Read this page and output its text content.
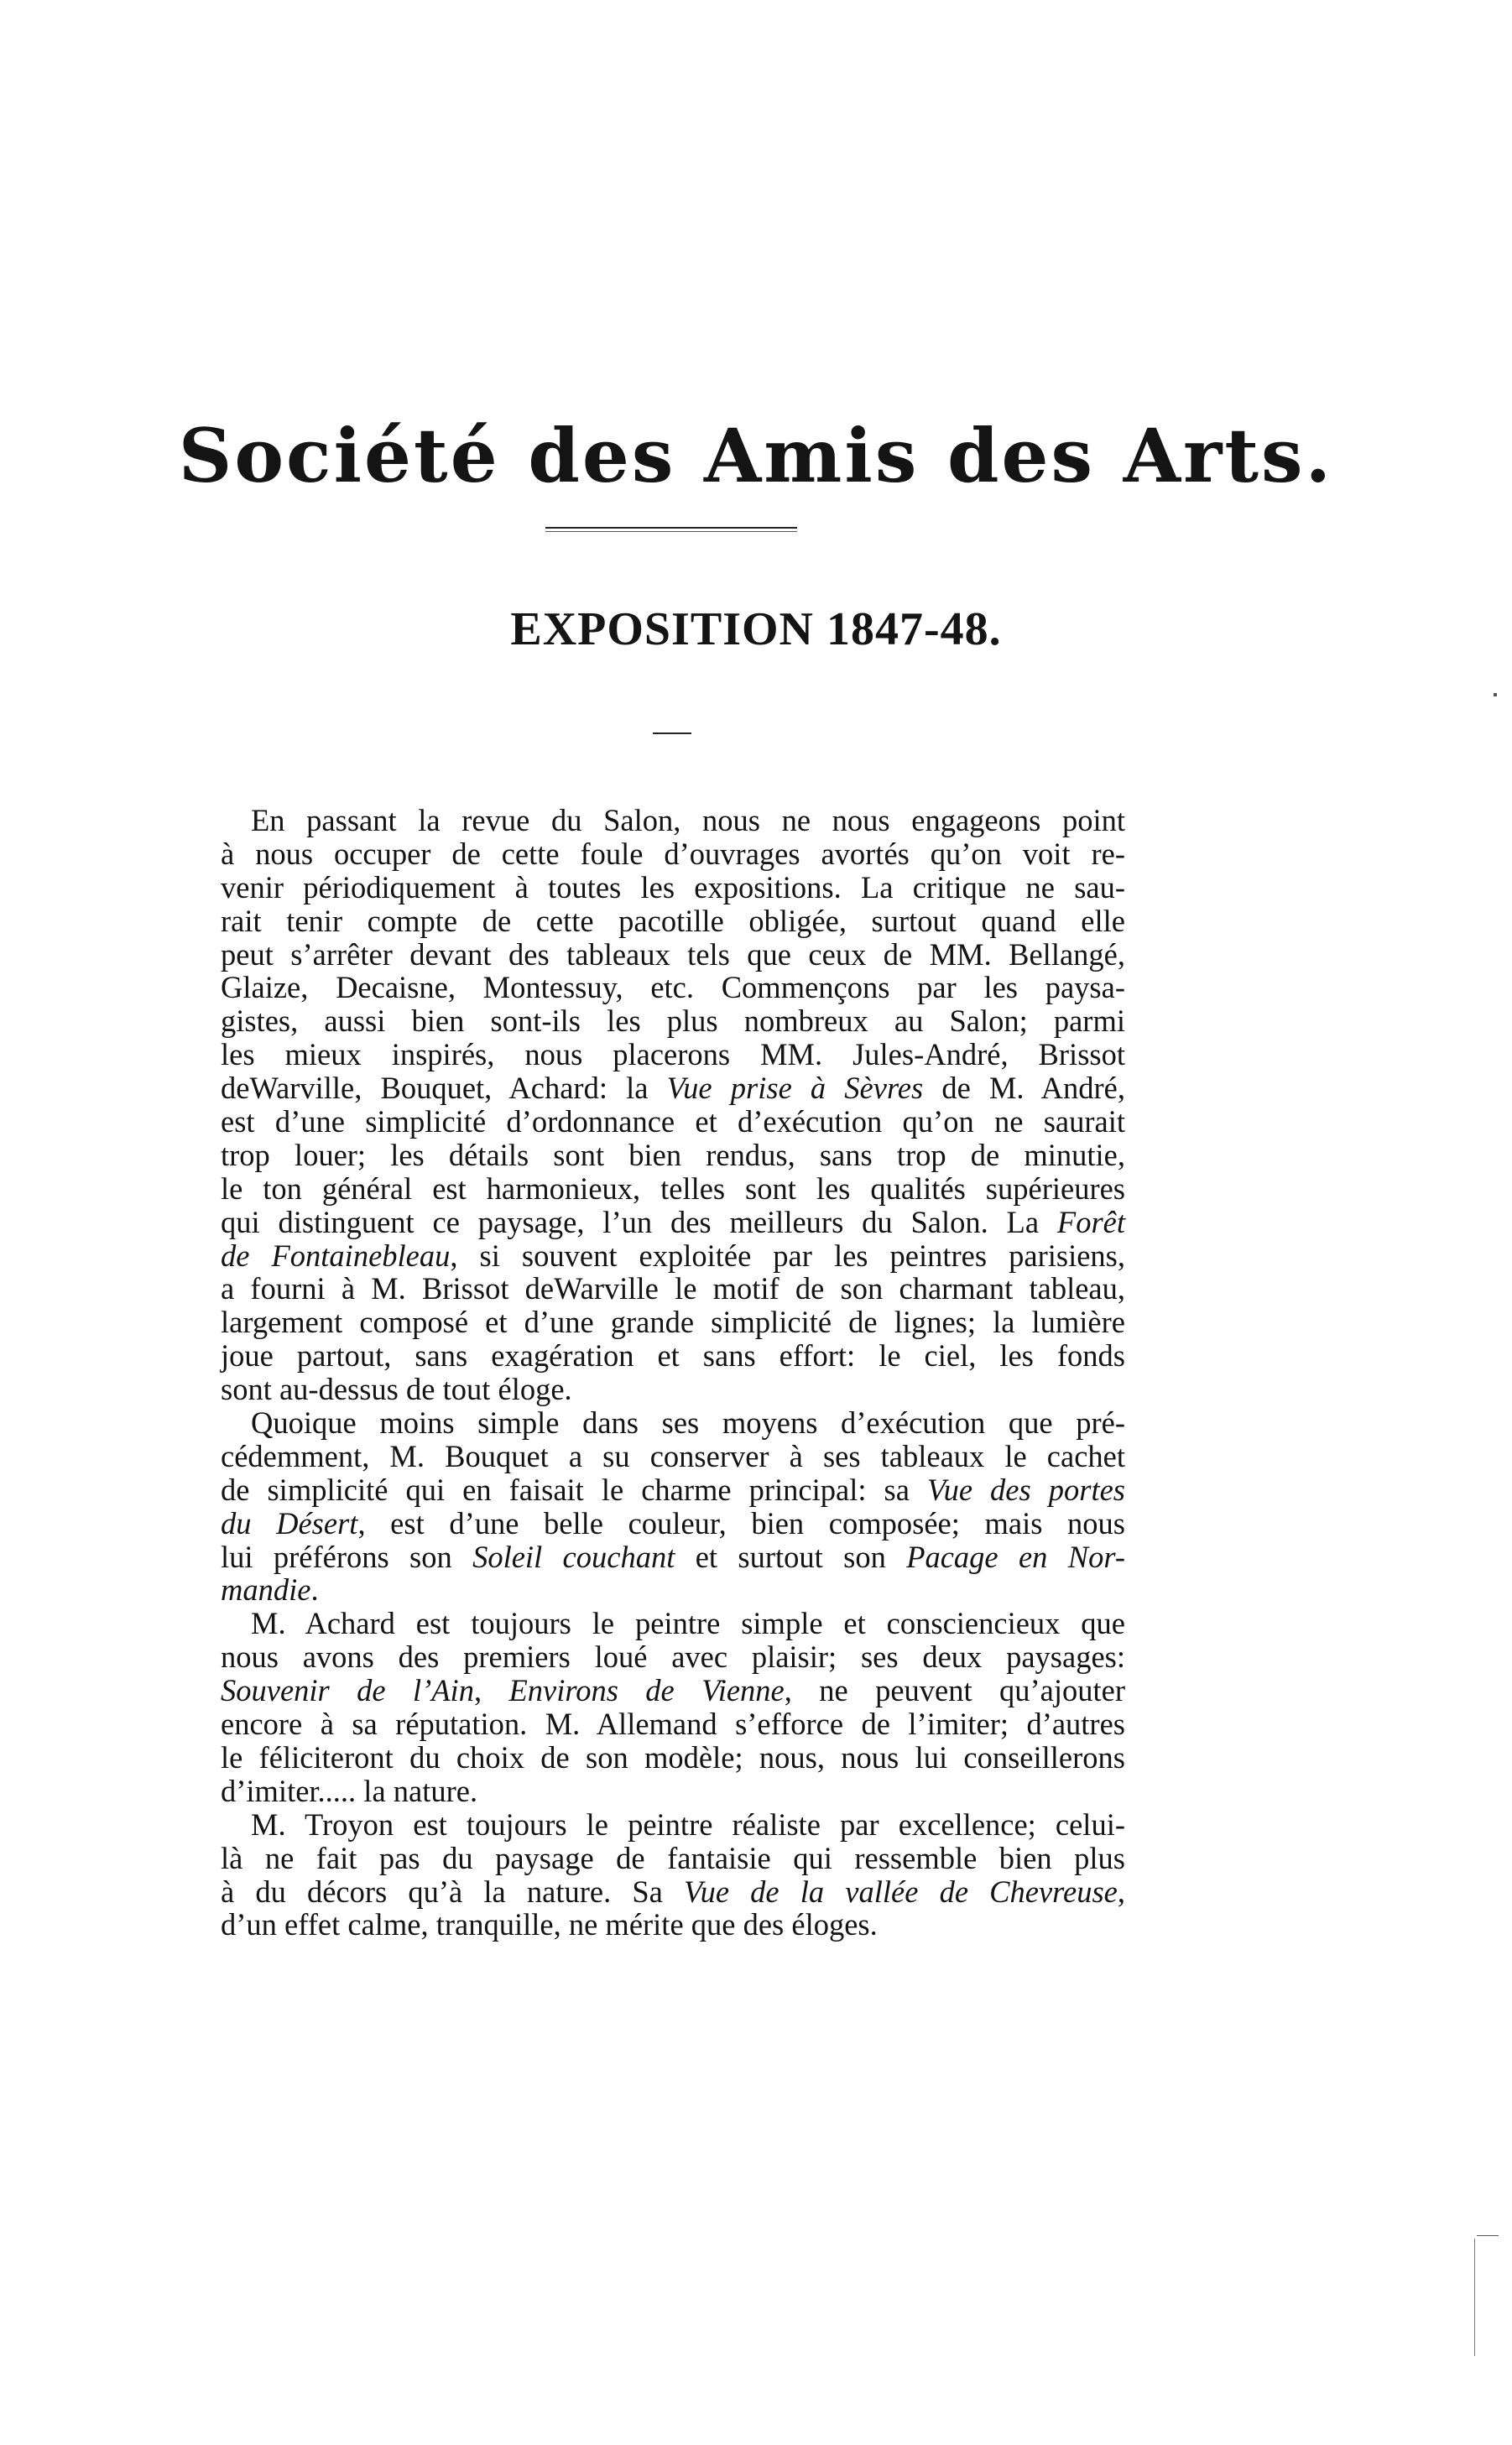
Société des Amis des Arts.
EXPOSITION 1847-48.
En passant la revue du Salon, nous ne nous engageons point
à nous occuper de cette foule d’ouvrages avortés qu’on voit re-
venir périodiquement à toutes les expositions. La critique ne sau-
rait tenir compte de cette pacotille obligée, surtout quand elle
peut s’arrêter devant des tableaux tels que ceux de MM. Bellangé,
Glaize, Decaisne, Montessuy, etc. Commençons par les paysa-
gistes, aussi bien sont-ils les plus nombreux au Salon; parmi
les mieux inspirés, nous placerons MM. Jules-André, Brissot
deWarville, Bouquet, Achard: la Vue prise à Sèvres de M. André,
est d’une simplicité d’ordonnance et d’exécution qu’on ne saurait
trop louer; les détails sont bien rendus, sans trop de minutie,
le ton général est harmonieux, telles sont les qualités supérieures
qui distinguent ce paysage, l’un des meilleurs du Salon. La Forêt
de Fontainebleau, si souvent exploitée par les peintres parisiens,
a fourni à M. Brissot deWarville le motif de son charmant tableau,
largement composé et d’une grande simplicité de lignes; la lumière
joue partout, sans exagération et sans effort: le ciel, les fonds
sont au-dessus de tout éloge.
Quoique moins simple dans ses moyens d’exécution que pré-
cédemment, M. Bouquet a su conserver à ses tableaux le cachet
de simplicité qui en faisait le charme principal: sa Vue des portes
du Désert, est d’une belle couleur, bien composée; mais nous
lui préférons son Soleil couchant et surtout son Pacage en Nor-
mandie.
M. Achard est toujours le peintre simple et consciencieux que
nous avons des premiers loué avec plaisir; ses deux paysages:
Souvenir de l’Ain, Environs de Vienne, ne peuvent qu’ajouter
encore à sa réputation. M. Allemand s’efforce de l’imiter; d’autres
le féliciteront du choix de son modèle; nous, nous lui conseillerons
d’imiter..... la nature.
M. Troyon est toujours le peintre réaliste par excellence; celui-
là ne fait pas du paysage de fantaisie qui ressemble bien plus
à du décors qu’à la nature. Sa Vue de la vallée de Chevreuse,
d’un effet calme, tranquille, ne mérite que des éloges.
